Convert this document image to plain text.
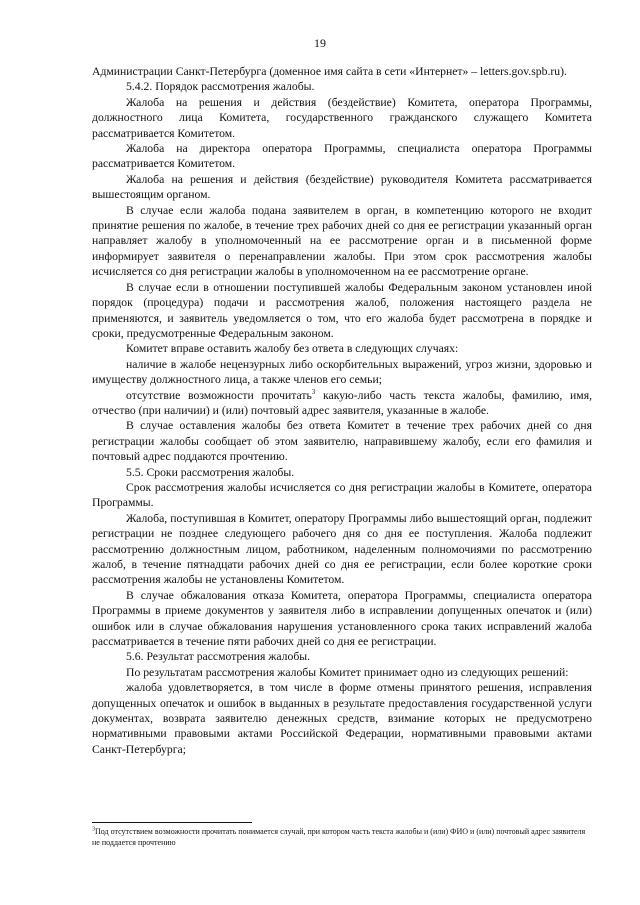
19

Администрации Санкт-Петербурга (доменное имя сайта в сети «Интернет» – letters.gov.spb.ru).

5.4.2. Порядок рассмотрения жалобы.

Жалоба на решения и действия (бездействие) Комитета, оператора Программы, должностного лица Комитета, государственного гражданского служащего Комитета рассматривается Комитетом.

Жалоба на директора оператора Программы, специалиста оператора Программы рассматривается Комитетом.

Жалоба на решения и действия (бездействие) руководителя Комитета рассматривается вышестоящим органом.

В случае если жалоба подана заявителем в орган, в компетенцию которого не входит принятие решения по жалобе, в течение трех рабочих дней со дня ее регистрации указанный орган направляет жалобу в уполномоченный на ее рассмотрение орган и в письменной форме информирует заявителя о перенаправлении жалобы. При этом срок рассмотрения жалобы исчисляется со дня регистрации жалобы в уполномоченном на ее рассмотрение органе.

В случае если в отношении поступившей жалобы Федеральным законом установлен иной порядок (процедура) подачи и рассмотрения жалоб, положения настоящего раздела не применяются, и заявитель уведомляется о том, что его жалоба будет рассмотрена в порядке и сроки, предусмотренные Федеральным законом.

Комитет вправе оставить жалобу без ответа в следующих случаях:

наличие в жалобе нецензурных либо оскорбительных выражений, угроз жизни, здоровью и имуществу должностного лица, а также членов его семьи;

отсутствие возможности прочитать$^3$ какую-либо часть текста жалобы, фамилию, имя, отчество (при наличии) и (или) почтовый адрес заявителя, указанные в жалобе.

В случае оставления жалобы без ответа Комитет в течение трех рабочих дней со дня регистрации жалобы сообщает об этом заявителю, направившему жалобу, если его фамилия и почтовый адрес поддаются прочтению.

5.5. Сроки рассмотрения жалобы.

Срок рассмотрения жалобы исчисляется со дня регистрации жалобы в Комитете, оператора Программы.

Жалоба, поступившая в Комитет, оператору Программы либо вышестоящий орган, подлежит регистрации не позднее следующего рабочего дня со дня ее поступления. Жалоба подлежит рассмотрению должностным лицом, работником, наделенным полномочиями по рассмотрению жалоб, в течение пятнадцати рабочих дней со дня ее регистрации, если более короткие сроки рассмотрения жалобы не установлены Комитетом.

В случае обжалования отказа Комитета, оператора Программы, специалиста оператора Программы в приеме документов у заявителя либо в исправлении допущенных опечаток и (или) ошибок или в случае обжалования нарушения установленного срока таких исправлений жалоба рассматривается в течение пяти рабочих дней со дня ее регистрации.

5.6. Результат рассмотрения жалобы.

По результатам рассмотрения жалобы Комитет принимает одно из следующих решений:

жалоба удовлетворяется, в том числе в форме отмены принятого решения, исправления допущенных опечаток и ошибок в выданных в результате предоставления государственной услуги документах, возврата заявителю денежных средств, взимание которых не предусмотрено нормативными правовыми актами Российской Федерации, нормативными правовыми актами Санкт-Петербурга;

$^3$Под отсутствием возможности прочитать понимается случай, при котором часть текста жалобы и (или) ФИО и (или) почтовый адрес заявителя не поддается прочтению
